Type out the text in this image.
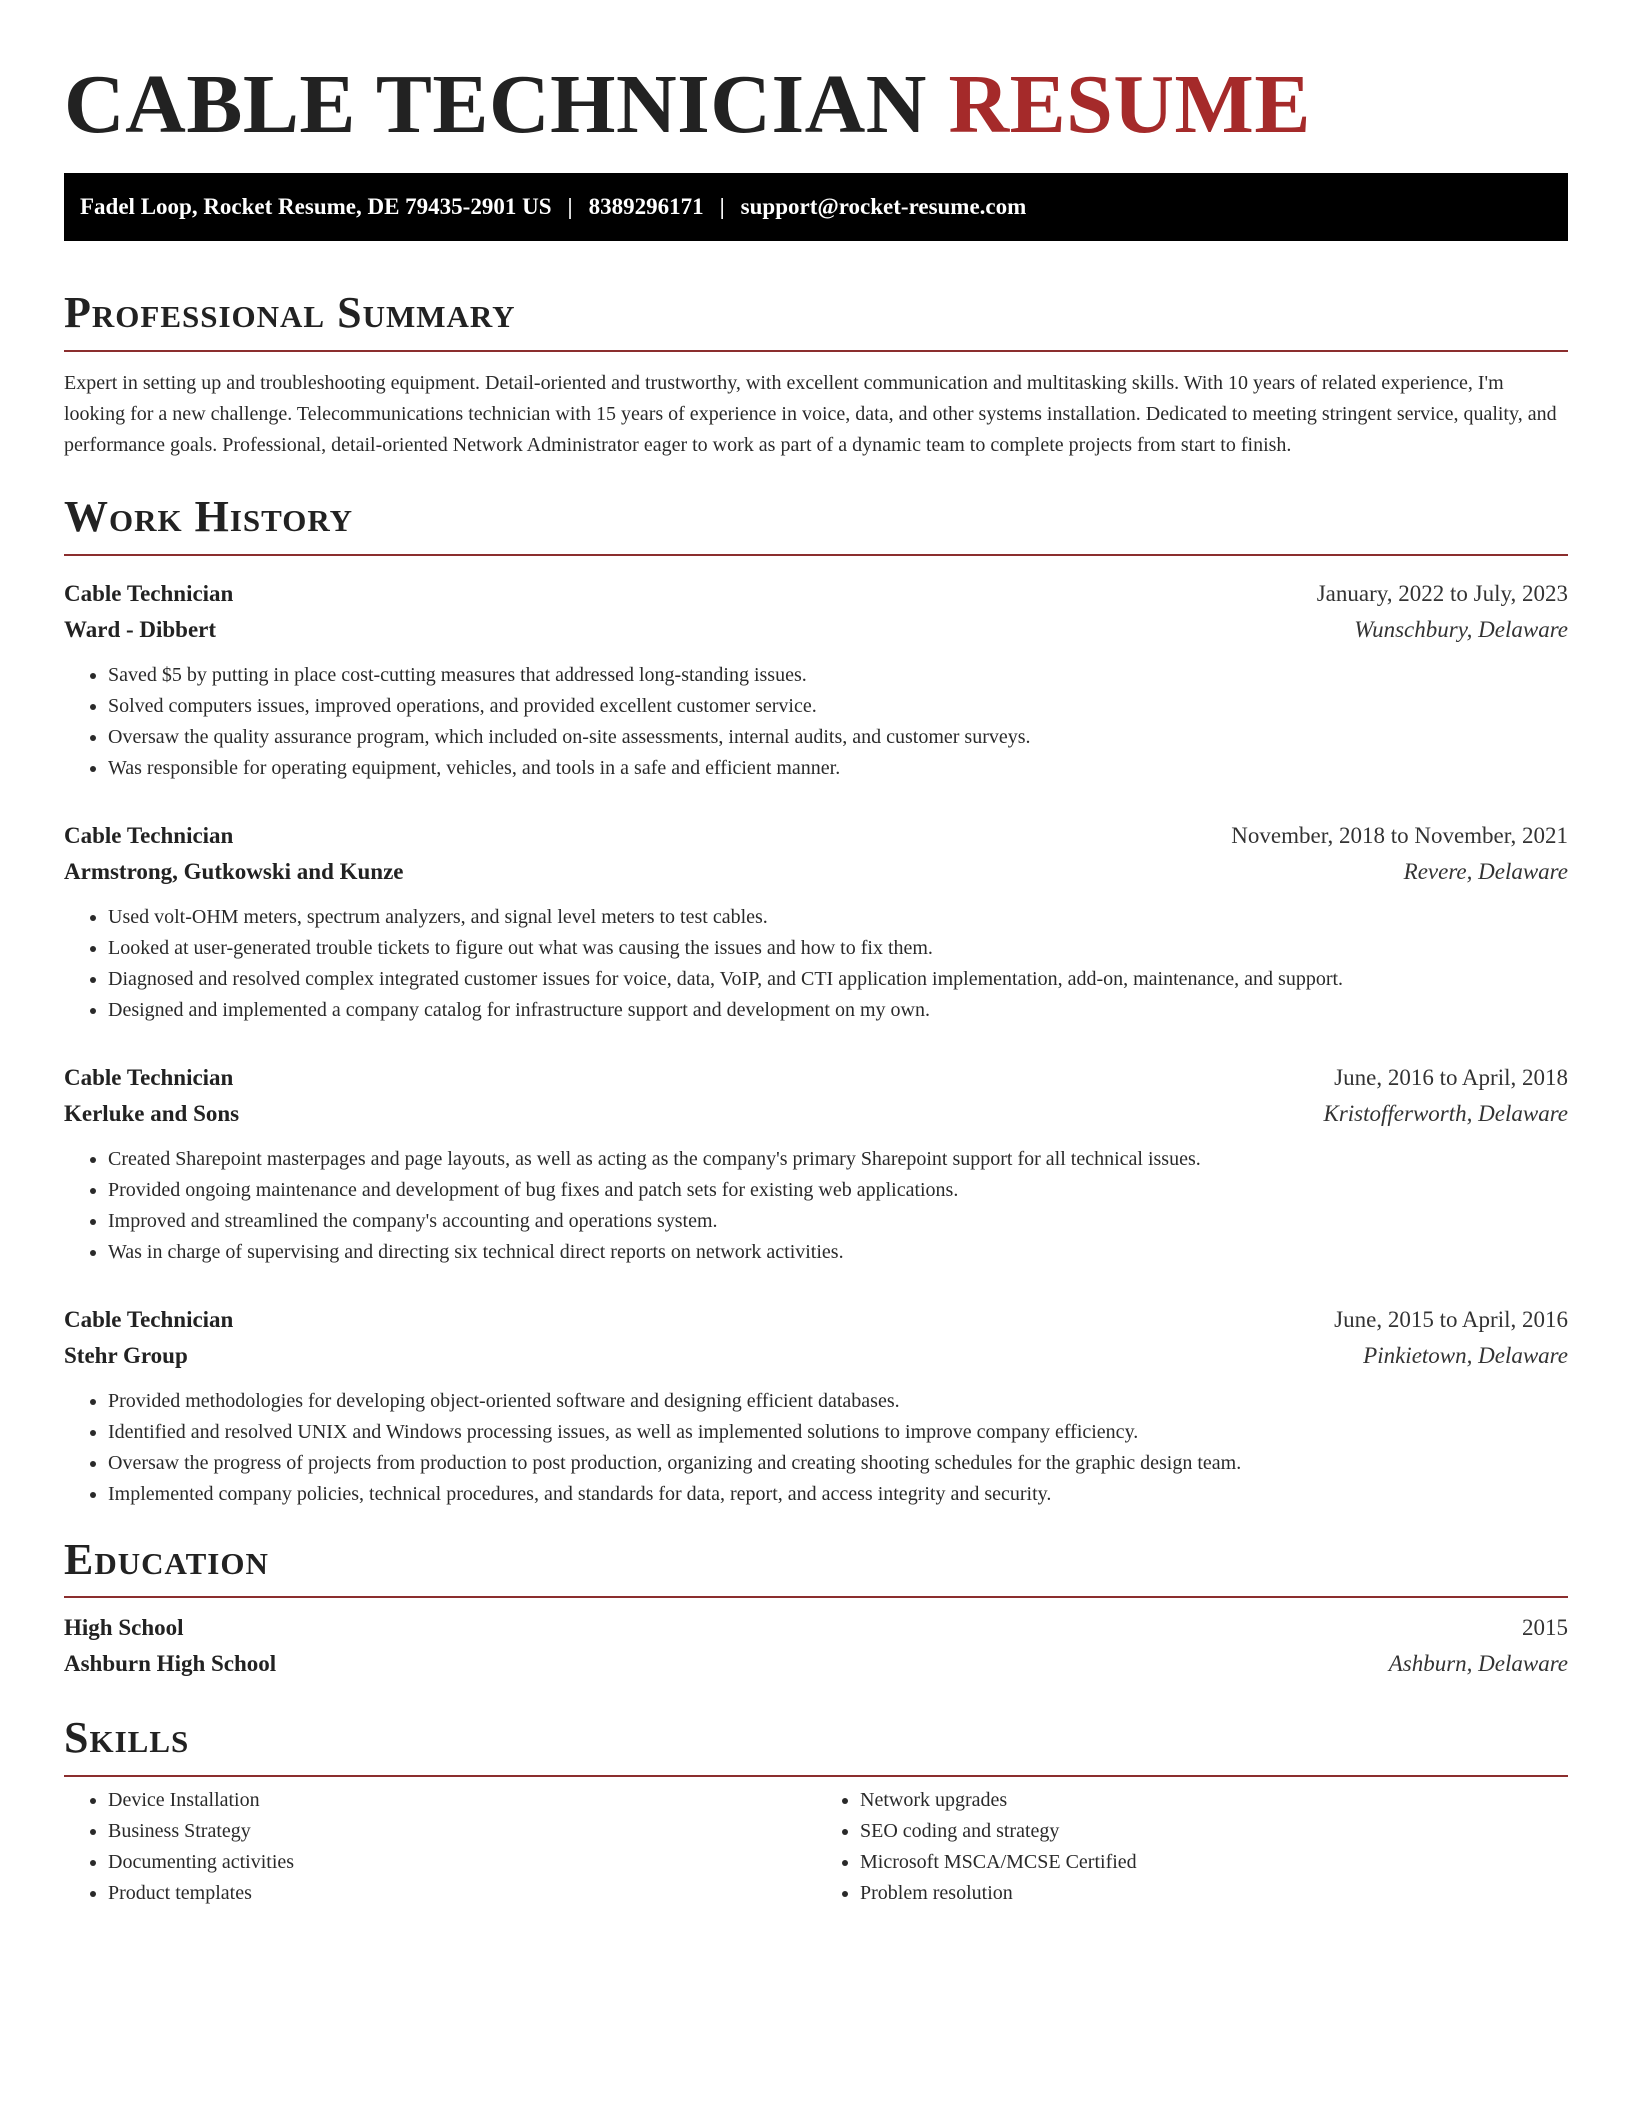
CABLE TECHNICIAN RESUME
Fadel Loop, Rocket Resume, DE 79435-2901 US | 8389296171 | support@rocket-resume.com
Professional Summary

Expert in setting up and troubleshooting equipment. Detail-oriented and trustworthy, with excellent communication and multitasking skills. With 10 years of related experience, I'm looking for a new challenge. Telecommunications technician with 15 years of experience in voice, data, and other systems installation. Dedicated to meeting stringent service, quality, and performance goals. Professional, detail-oriented Network Administrator eager to work as part of a dynamic team to complete projects from start to finish.

Work History
Cable Technician	January, 2022 to July, 2023
Ward - Dibbert	Wunschbury, Delaware
• Saved $5 by putting in place cost-cutting measures that addressed long-standing issues.
• Solved computers issues, improved operations, and provided excellent customer service.
• Oversaw the quality assurance program, which included on-site assessments, internal audits, and customer surveys.
• Was responsible for operating equipment, vehicles, and tools in a safe and efficient manner.
Cable Technician	November, 2018 to November, 2021
Armstrong, Gutkowski and Kunze	Revere, Delaware
• Used volt-OHM meters, spectrum analyzers, and signal level meters to test cables.
• Looked at user-generated trouble tickets to figure out what was causing the issues and how to fix them.
• Diagnosed and resolved complex integrated customer issues for voice, data, VoIP, and CTI application implementation, add-on, maintenance, and support.
• Designed and implemented a company catalog for infrastructure support and development on my own.
Cable Technician	June, 2016 to April, 2018
Kerluke and Sons	Kristofferworth, Delaware
• Created Sharepoint masterpages and page layouts, as well as acting as the company's primary Sharepoint support for all technical issues.
• Provided ongoing maintenance and development of bug fixes and patch sets for existing web applications.
• Improved and streamlined the company's accounting and operations system.
• Was in charge of supervising and directing six technical direct reports on network activities.
Cable Technician	June, 2015 to April, 2016
Stehr Group	Pinkietown, Delaware
• Provided methodologies for developing object-oriented software and designing efficient databases.
• Identified and resolved UNIX and Windows processing issues, as well as implemented solutions to improve company efficiency.
• Oversaw the progress of projects from production to post production, organizing and creating shooting schedules for the graphic design team.
• Implemented company policies, technical procedures, and standards for data, report, and access integrity and security.
Education
High School	2015
Ashburn High School	Ashburn, Delaware
Skills
• Device Installation
• Business Strategy
• Documenting activities
• Product templates
• Network upgrades
• SEO coding and strategy
• Microsoft MSCA/MCSE Certified
• Problem resolution
